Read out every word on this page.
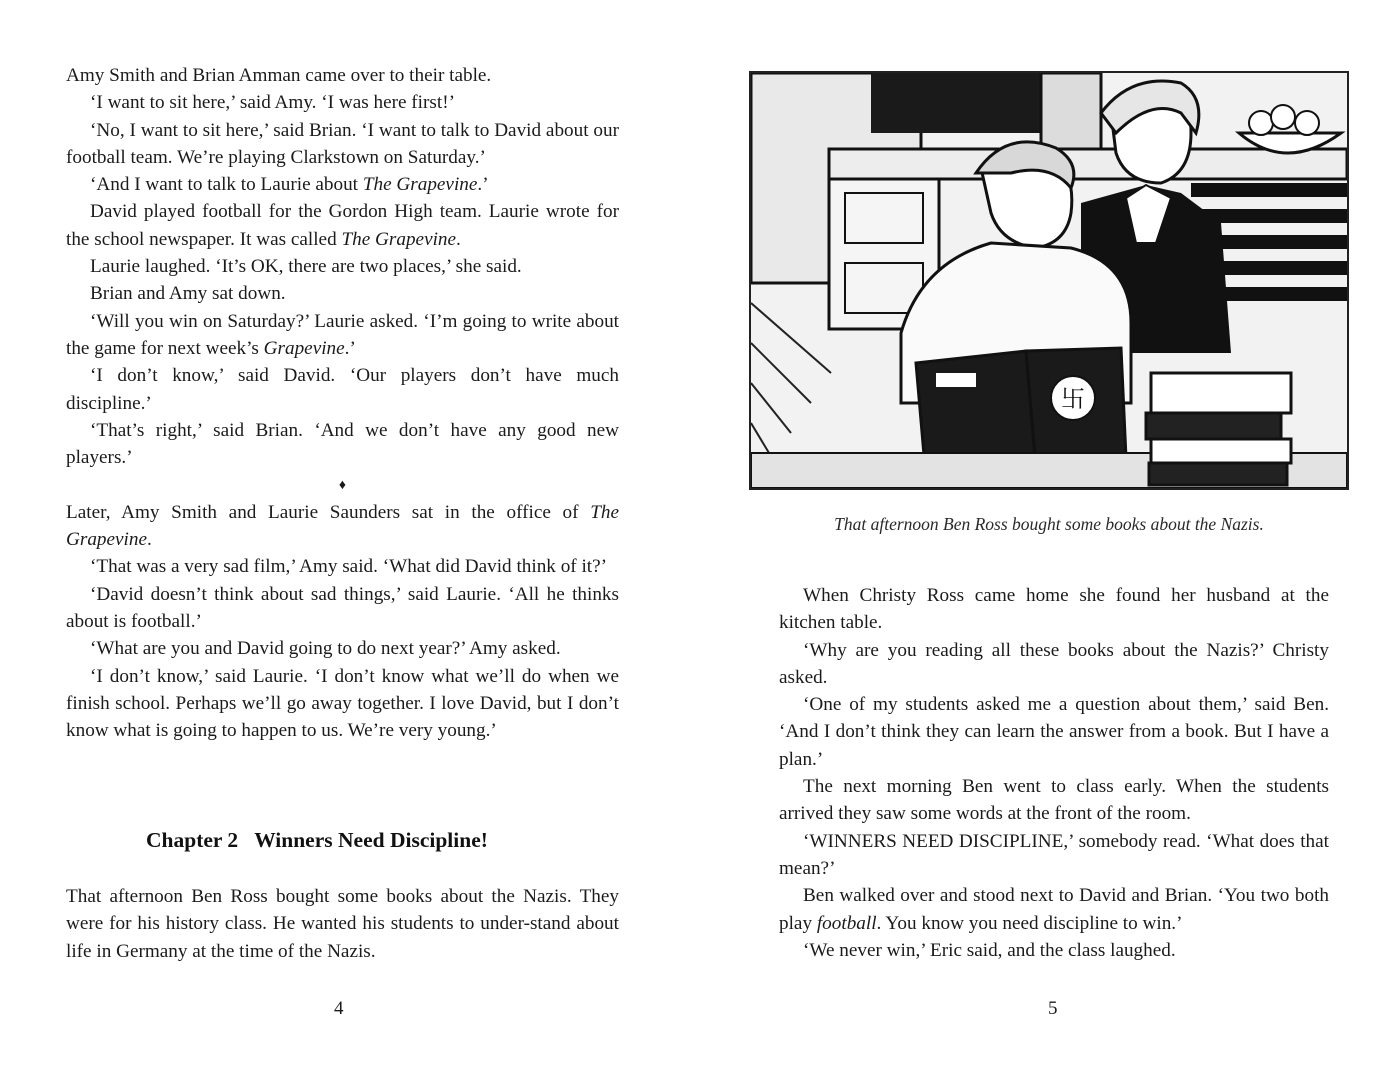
Amy Smith and Brian Amman came over to their table.

‘I want to sit here,’ said Amy. ‘I was here first!’

‘No, I want to sit here,’ said Brian. ‘I want to talk to David about our football team. We’re playing Clarkstown on Saturday.’

‘And I want to talk to Laurie about The Grapevine.’

David played football for the Gordon High team. Laurie wrote for the school newspaper. It was called The Grapevine.

Laurie laughed. ‘It’s OK, there are two places,’ she said.

Brian and Amy sat down.

‘Will you win on Saturday?’ Laurie asked. ‘I’m going to write about the game for next week’s Grapevine.’

‘I don’t know,’ said David. ‘Our players don’t have much discipline.’

‘That’s right,’ said Brian. ‘And we don’t have any good new players.’

♦

Later, Amy Smith and Laurie Saunders sat in the office of The Grapevine.

‘That was a very sad film,’ Amy said. ‘What did David think of it?’

‘David doesn’t think about sad things,’ said Laurie. ‘All he thinks about is football.’

‘What are you and David going to do next year?’ Amy asked.

‘I don’t know,’ said Laurie. ‘I don’t know what we’ll do when we finish school. Perhaps we’ll go away together. I love David, but I don’t know what is going to happen to us. We’re very young.’

Chapter 2 Winners Need Discipline!

That afternoon Ben Ross bought some books about the Nazis. They were for his history class. He wanted his students to under-stand about life in Germany at the time of the Nazis.

4
卐
That afternoon Ben Ross bought some books about the Nazis.

When Christy Ross came home she found her husband at the kitchen table.

‘Why are you reading all these books about the Nazis?’ Christy asked.

‘One of my students asked me a question about them,’ said Ben. ‘And I don’t think they can learn the answer from a book. But I have a plan.’

The next morning Ben went to class early. When the students arrived they saw some words at the front of the room.

‘WINNERS NEED DISCIPLINE,’ somebody read. ‘What does that mean?’

Ben walked over and stood next to David and Brian. ‘You two both play football. You know you need discipline to win.’

‘We never win,’ Eric said, and the class laughed.

5
